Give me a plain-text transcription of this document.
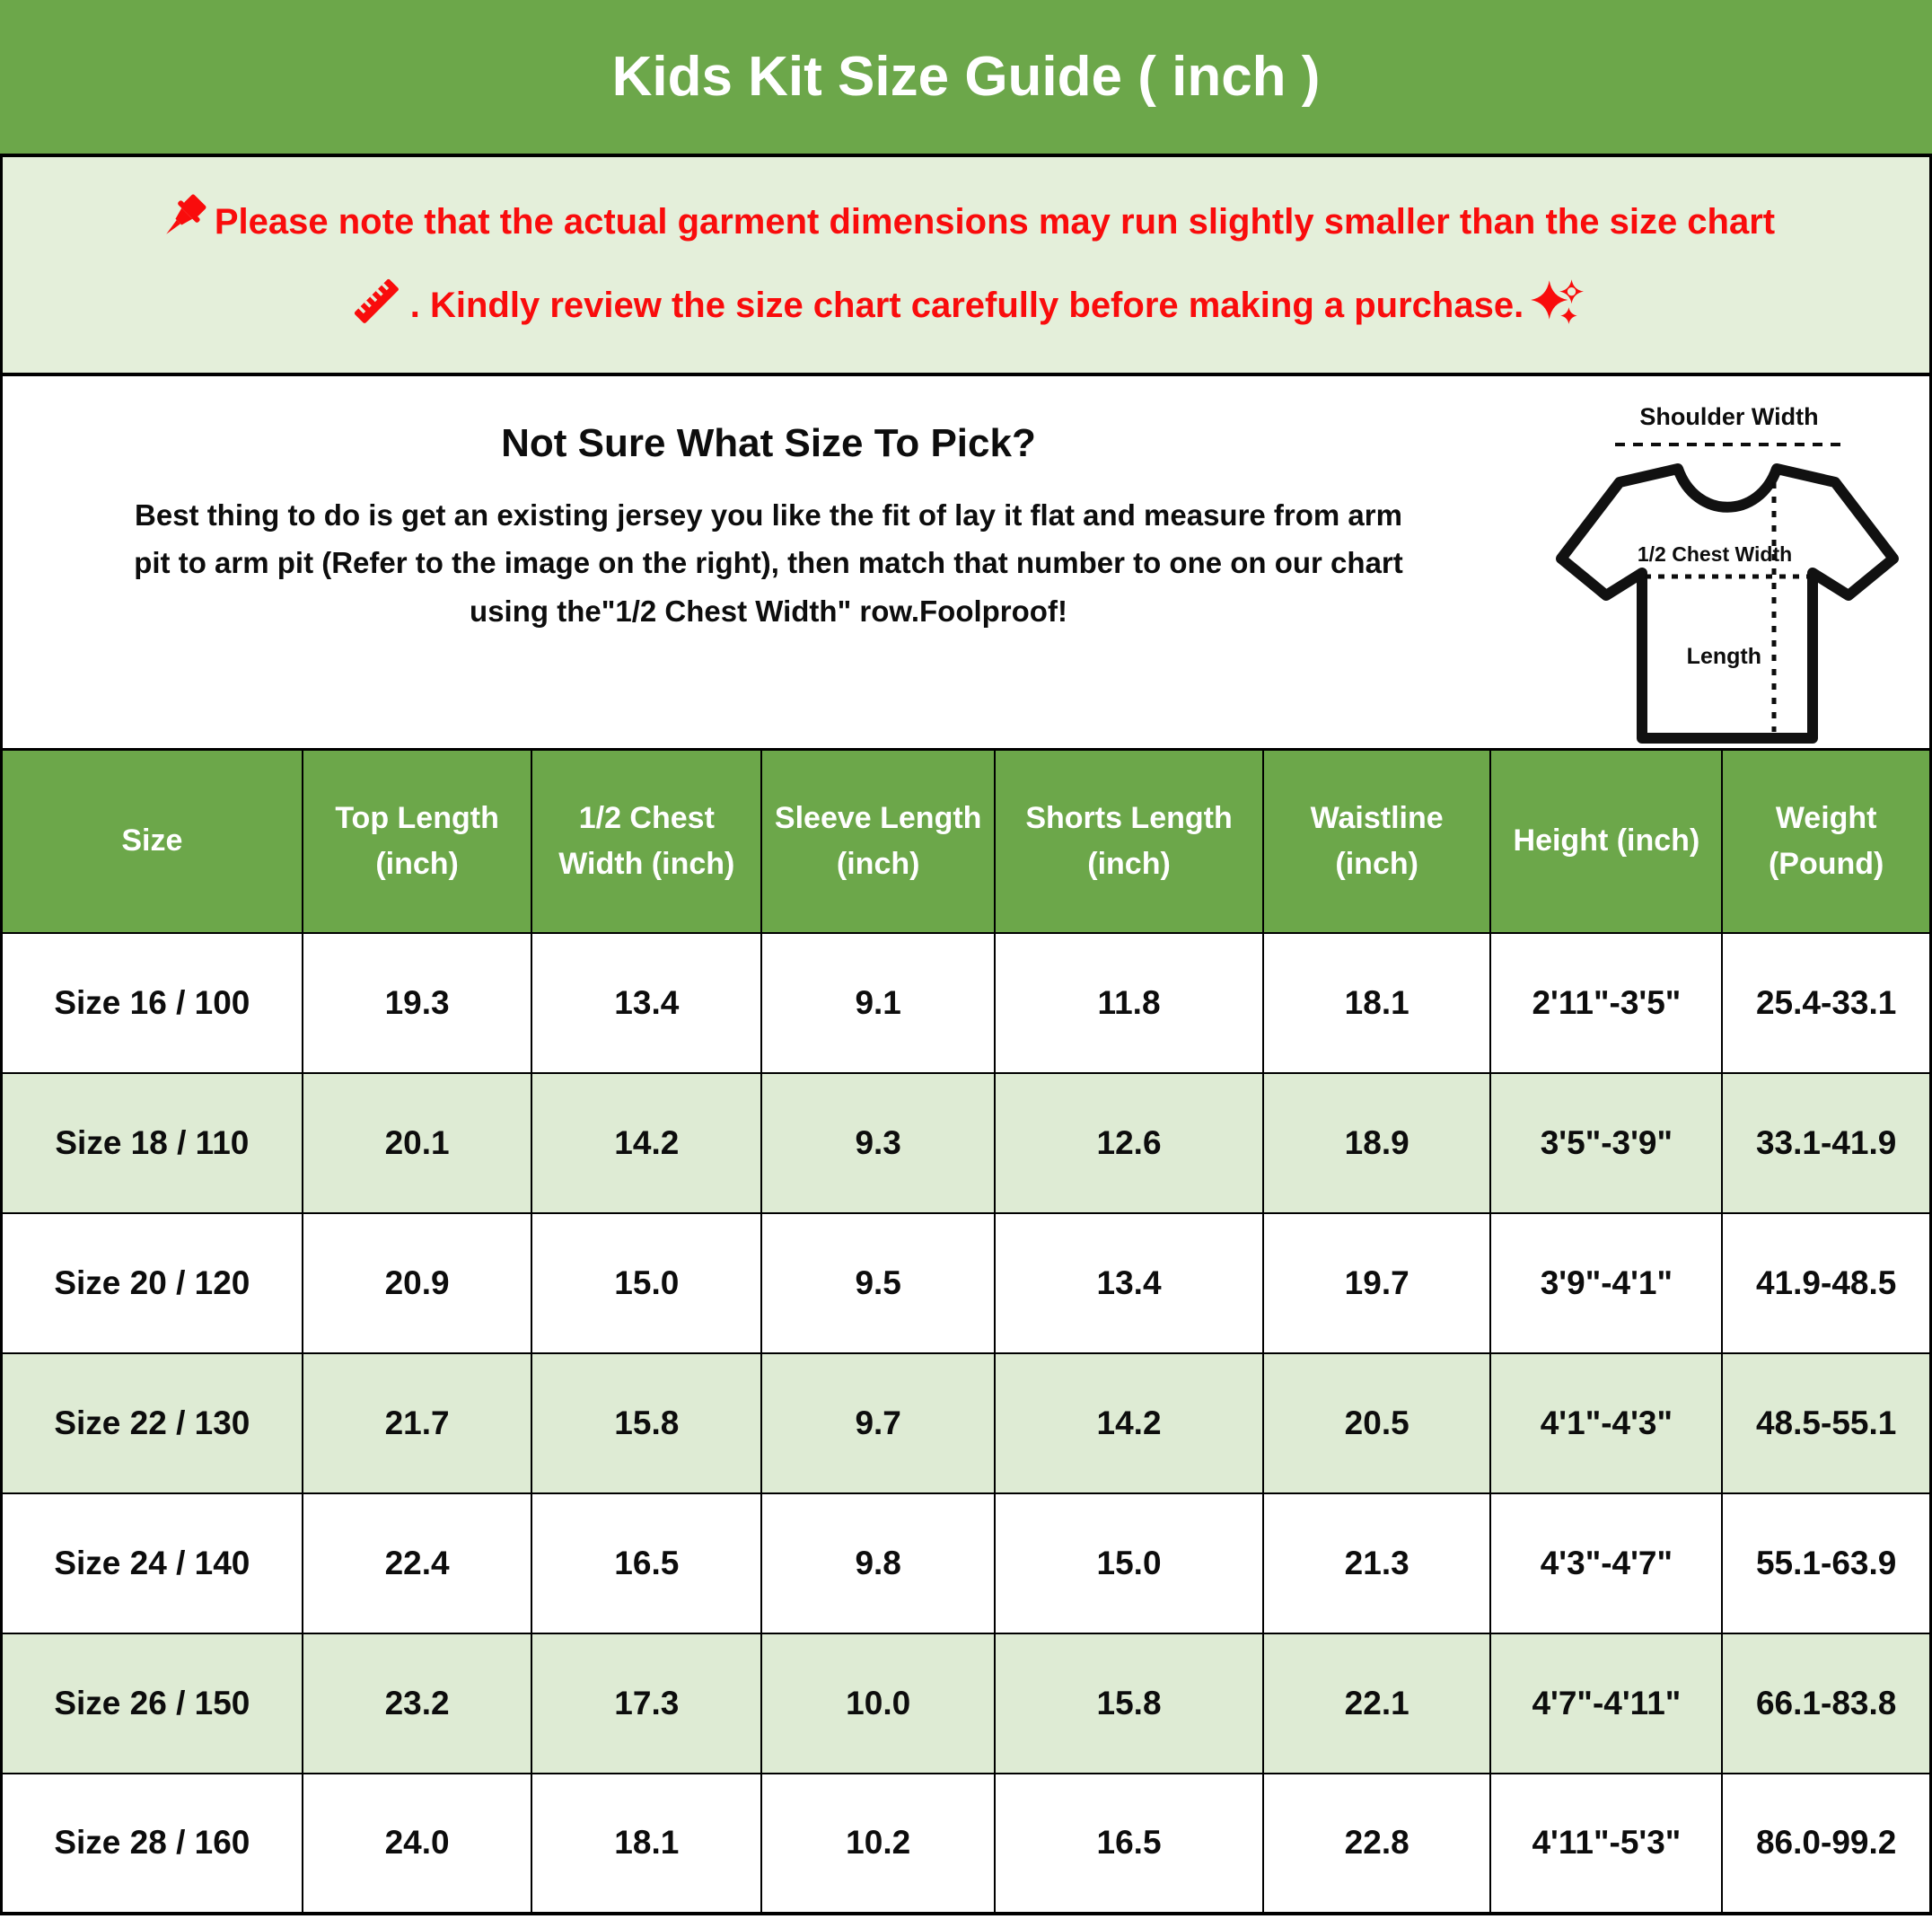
Kids Kit Size Guide ( inch )
Please note that the actual garment dimensions may run slightly smaller than the size chart
. Kindly review the size chart carefully before making a purchase.
Not Sure What Size To Pick?
Best thing to do is get an existing jersey you like the fit of lay it flat and measure from arm
pit to arm pit (Refer to the image on the right), then match that number to one on our chart
using the"1/2 Chest Width" row.Foolproof!
Shoulder Width
1/2 Chest Width
Length
Size	Top Length (inch)	1/2 Chest Width (inch)	Sleeve Length (inch)	Shorts Length (inch)	Waistline (inch)	Height (inch)	Weight (Pound)
Size 16 / 100	19.3	13.4	9.1	11.8	18.1	2'11"-3'5"	25.4-33.1
Size 18 / 110	20.1	14.2	9.3	12.6	18.9	3'5"-3'9"	33.1-41.9
Size 20 / 120	20.9	15.0	9.5	13.4	19.7	3'9"-4'1"	41.9-48.5
Size 22 / 130	21.7	15.8	9.7	14.2	20.5	4'1"-4'3"	48.5-55.1
Size 24 / 140	22.4	16.5	9.8	15.0	21.3	4'3"-4'7"	55.1-63.9
Size 26 / 150	23.2	17.3	10.0	15.8	22.1	4'7"-4'11"	66.1-83.8
Size 28 / 160	24.0	18.1	10.2	16.5	22.8	4'11"-5'3"	86.0-99.2
